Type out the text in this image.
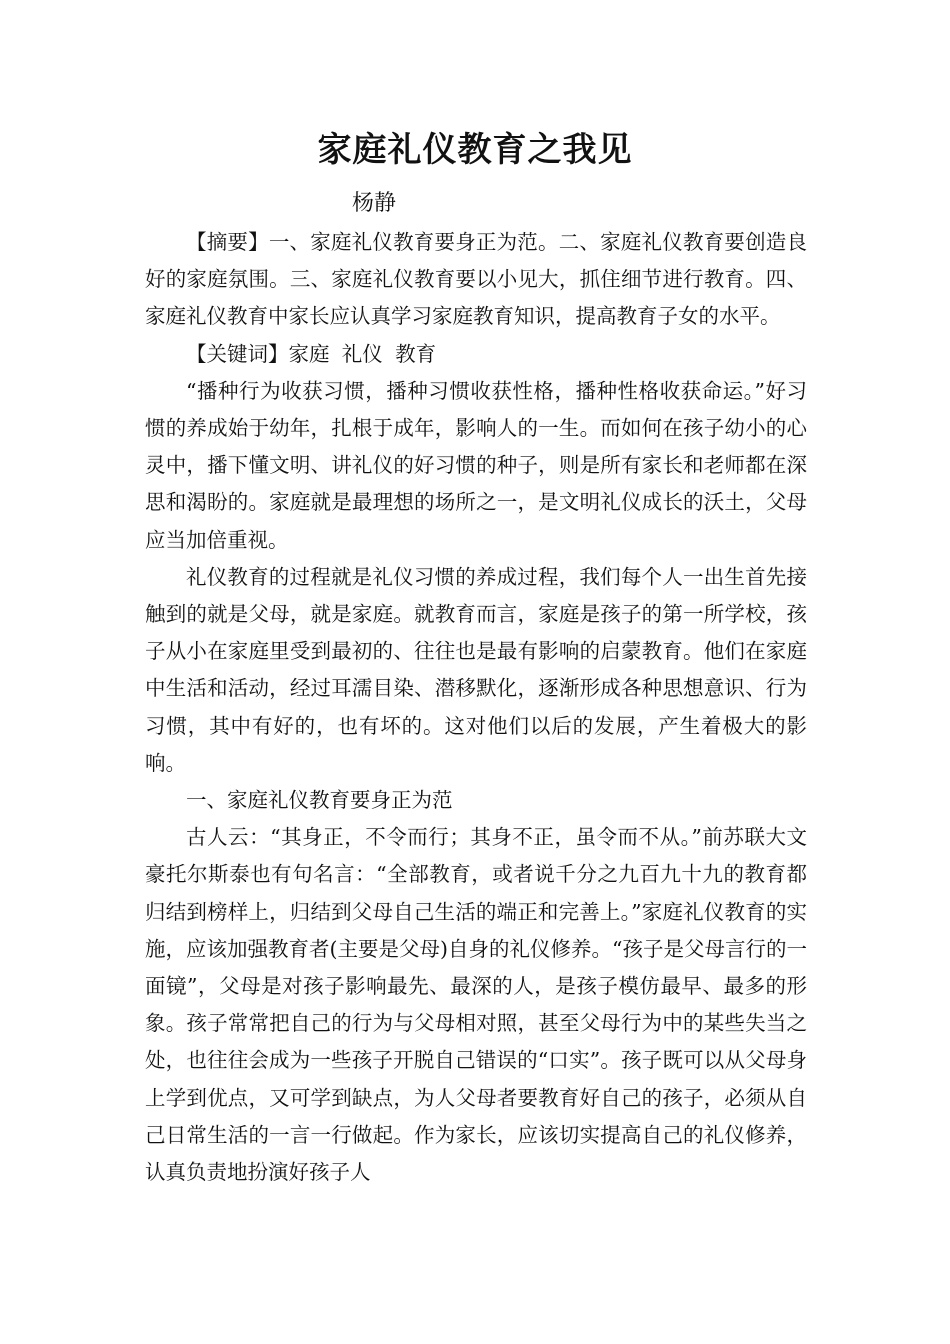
家庭礼仪教育之我见
杨静

【摘要】一、家庭礼仪教育要身正为范。二、家庭礼仪教育要创造良好的家庭氛围。三、家庭礼仪教育要以小见大，抓住细节进行教育。四、家庭礼仪教育中家长应认真学习家庭教育知识，提高教育子女的水平。

【关键词】家庭 礼仪 教育

“播种行为收获习惯，播种习惯收获性格，播种性格收获命运。”好习惯的养成始于幼年，扎根于成年，影响人的一生。而如何在孩子幼小的心灵中，播下懂文明、讲礼仪的好习惯的种子，则是所有家长和老师都在深思和渴盼的。家庭就是最理想的场所之一，是文明礼仪成长的沃土，父母应当加倍重视。

礼仪教育的过程就是礼仪习惯的养成过程，我们每个人一出生首先接触到的就是父母，就是家庭。就教育而言，家庭是孩子的第一所学校，孩子从小在家庭里受到最初的、往往也是最有影响的启蒙教育。他们在家庭中生活和活动，经过耳濡目染、潜移默化，逐渐形成各种思想意识、行为习惯，其中有好的，也有坏的。这对他们以后的发展，产生着极大的影响。

一、家庭礼仪教育要身正为范

古人云：“其身正，不令而行；其身不正，虽令而不从。”前苏联大文豪托尔斯泰也有句名言：“全部教育，或者说千分之九百九十九的教育都归结到榜样上，归结到父母自己生活的端正和完善上。”家庭礼仪教育的实施，应该加强教育者(主要是父母)自身的礼仪修养。“孩子是父母言行的一面镜”，父母是对孩子影响最先、最深的人，是孩子模仿最早、最多的形象。孩子常常把自己的行为与父母相对照，甚至父母行为中的某些失当之处，也往往会成为一些孩子开脱自己错误的“口实”。孩子既可以从父母身上学到优点，又可学到缺点，为人父母者要教育好自己的孩子，必须从自己日常生活的一言一行做起。作为家长，应该切实提高自己的礼仪修养，认真负责地扮演好孩子人
